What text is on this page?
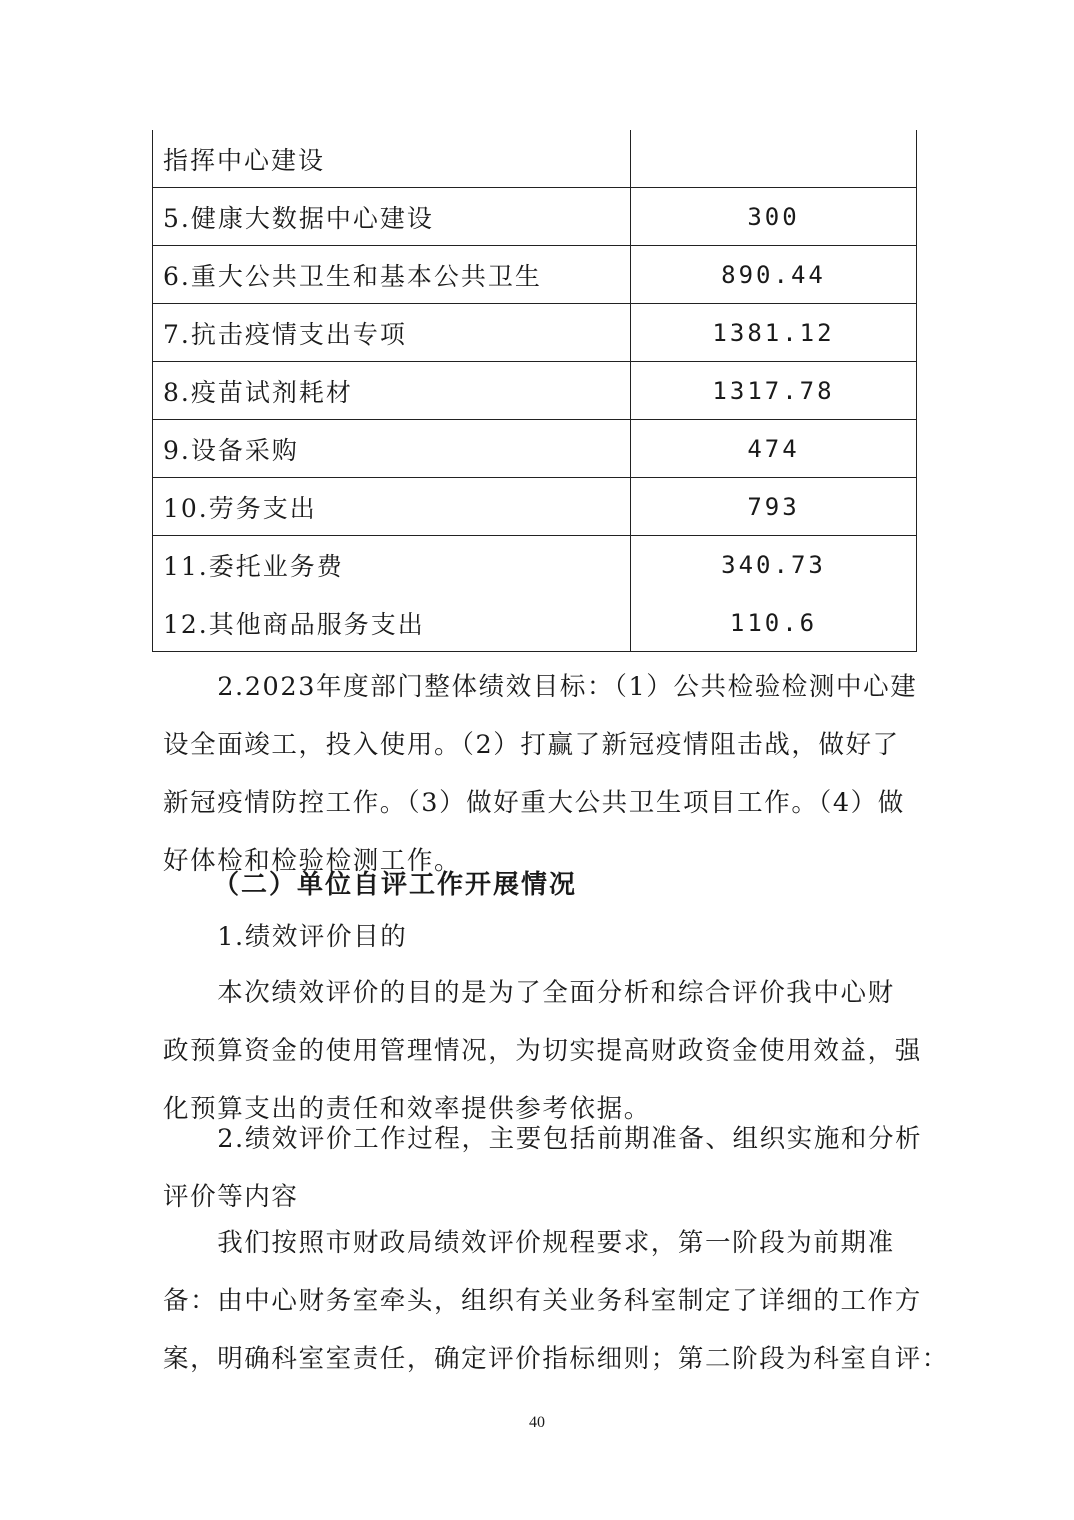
指挥中心建设
5.健康大数据中心建设	300
6.重大公共卫生和基本公共卫生	890.44
7.抗击疫情支出专项	1381.12
8.疫苗试剂耗材	1317.78
9.设备采购	474
10.劳务支出	793
11.委托业务费	340.73
12.其他商品服务支出	110.6
　　2.2023年度部门整体绩效目标：（1）公共检验检测中心建
设全面竣工，投入使用。（2）打赢了新冠疫情阻击战，做好了
新冠疫情防控工作。（3）做好重大公共卫生项目工作。（4）做
好体检和检验检测工作。
（二）单位自评工作开展情况
　　1.绩效评价目的
　　本次绩效评价的目的是为了全面分析和综合评价我中心财
政预算资金的使用管理情况，为切实提高财政资金使用效益，强
化预算支出的责任和效率提供参考依据。
　　2.绩效评价工作过程，主要包括前期准备、组织实施和分析
评价等内容
　　我们按照市财政局绩效评价规程要求，第一阶段为前期准
备：由中心财务室牵头，组织有关业务科室制定了详细的工作方
案，明确科室室责任，确定评价指标细则；第二阶段为科室自评：
40
